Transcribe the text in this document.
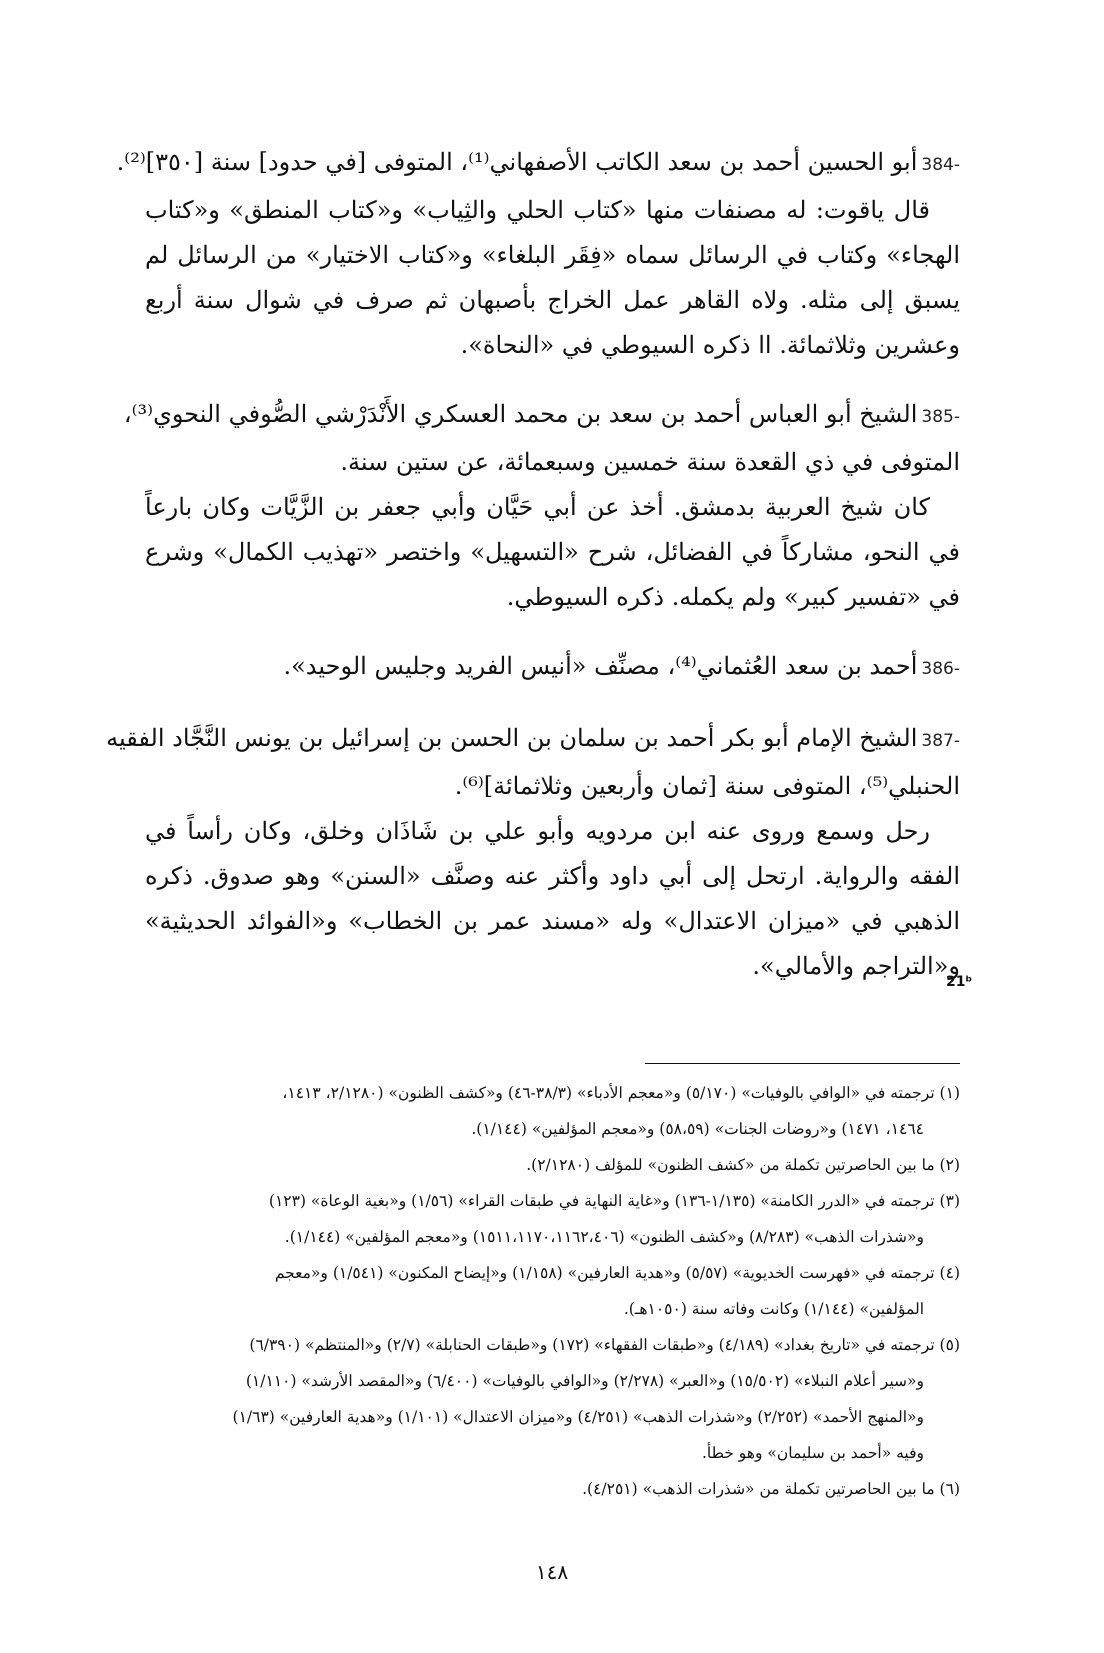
384-أبو الحسين أحمد بن سعد الكاتب الأصفهاني⁽¹⁾، المتوفى [في حدود] سنة [٣٥٠]⁽²⁾.

قال ياقوت: له مصنفات منها «كتاب الحلي والثِياب» و«كتاب المنطق» و«كتاب الهجاء» وكتاب في الرسائل سماه «فِقَر البلغاء» و«كتاب الاختيار» من الرسائل لم يسبق إلى مثله. ولاه القاهر عمل الخراج بأصبهان ثم صرف في شوال سنة أربع وعشرين وثلاثمائة. اا ذكره السيوطي في «النحاة».

385-الشيخ أبو العباس أحمد بن سعد بن محمد العسكري الأَنْدَرْشي الصُّوفي النحوي⁽³⁾،

المتوفى في ذي القعدة سنة خمسين وسبعمائة، عن ستين سنة.

كان شيخ العربية بدمشق. أخذ عن أبي حَيَّان وأبي جعفر بن الزَّيَّات وكان بارعاً في النحو، مشاركاً في الفضائل، شرح «التسهيل» واختصر «تهذيب الكمال» وشرع في «تفسير كبير» ولم يكمله. ذكره السيوطي.

386-أحمد بن سعد العُثماني⁽⁴⁾، مصنِّف «أنيس الفريد وجليس الوحيد».

387-الشيخ الإمام أبو بكر أحمد بن سلمان بن الحسن بن إسرائيل بن يونس النَّجَّاد الفقيه

الحنبلي⁽⁵⁾، المتوفى سنة [ثمان وأربعين وثلاثمائة]⁽⁶⁾.

رحل وسمع وروى عنه ابن مردويه وأبو علي بن شَاذَان وخلق، وكان رأساً في الفقه والرواية. ارتحل إلى أبي داود وأكثر عنه وصنَّف «السنن» وهو صدوق. ذكره الذهبي في «ميزان الاعتدال» وله «مسند عمر بن الخطاب» و«الفوائد الحديثية» و«التراجم والأمالي».

21ᵇ

(١) ترجمته في «الوافي بالوفيات» (٥/١٧٠) و«معجم الأدباء» (٣٨/٣-٤٦) و«كشف الظنون» (٢/١٢٨٠، ١٤١٣،

١٤٦٤، ١٤٧١) و«روضات الجنات» (٥٨،٥٩) و«معجم المؤلفين» (١/١٤٤).

(٢) ما بين الحاصرتين تكملة من «كشف الظنون» للمؤلف (٢/١٢٨٠).

(٣) ترجمته في «الدرر الكامنة» (١/١٣٥-١٣٦) و«غاية النهاية في طبقات القراء» (١/٥٦) و«بغية الوعاة» (١٢٣)

و«شذرات الذهب» (٨/٢٨٣) و«كشف الظنون» (١٥١١،١١٧٠،١١٦٢،٤٠٦) و«معجم المؤلفين» (١/١٤٤).

(٤) ترجمته في «فهرست الخديوية» (٥/٥٧) و«هدية العارفين» (١/١٥٨) و«إيضاح المكنون» (١/٥٤١) و«معجم

المؤلفين» (١/١٤٤) وكانت وفاته سنة (١٠٥٠هـ).

(٥) ترجمته في «تاريخ بغداد» (٤/١٨٩) و«طبقات الفقهاء» (١٧٢) و«طبقات الحنابلة» (٢/٧) و«المنتظم» (٦/٣٩٠)

و«سير أعلام النبلاء» (١٥/٥٠٢) و«العبر» (٢/٢٧٨) و«الوافي بالوفيات» (٦/٤٠٠) و«المقصد الأرشد» (١/١١٠)

و«المنهج الأحمد» (٢/٢٥٢) و«شذرات الذهب» (٤/٢٥١) و«ميزان الاعتدال» (١/١٠١) و«هدية العارفين» (١/٦٣)

وفيه «أحمد بن سليمان» وهو خطأ.

(٦) ما بين الحاصرتين تكملة من «شذرات الذهب» (٤/٢٥١).

١٤٨
